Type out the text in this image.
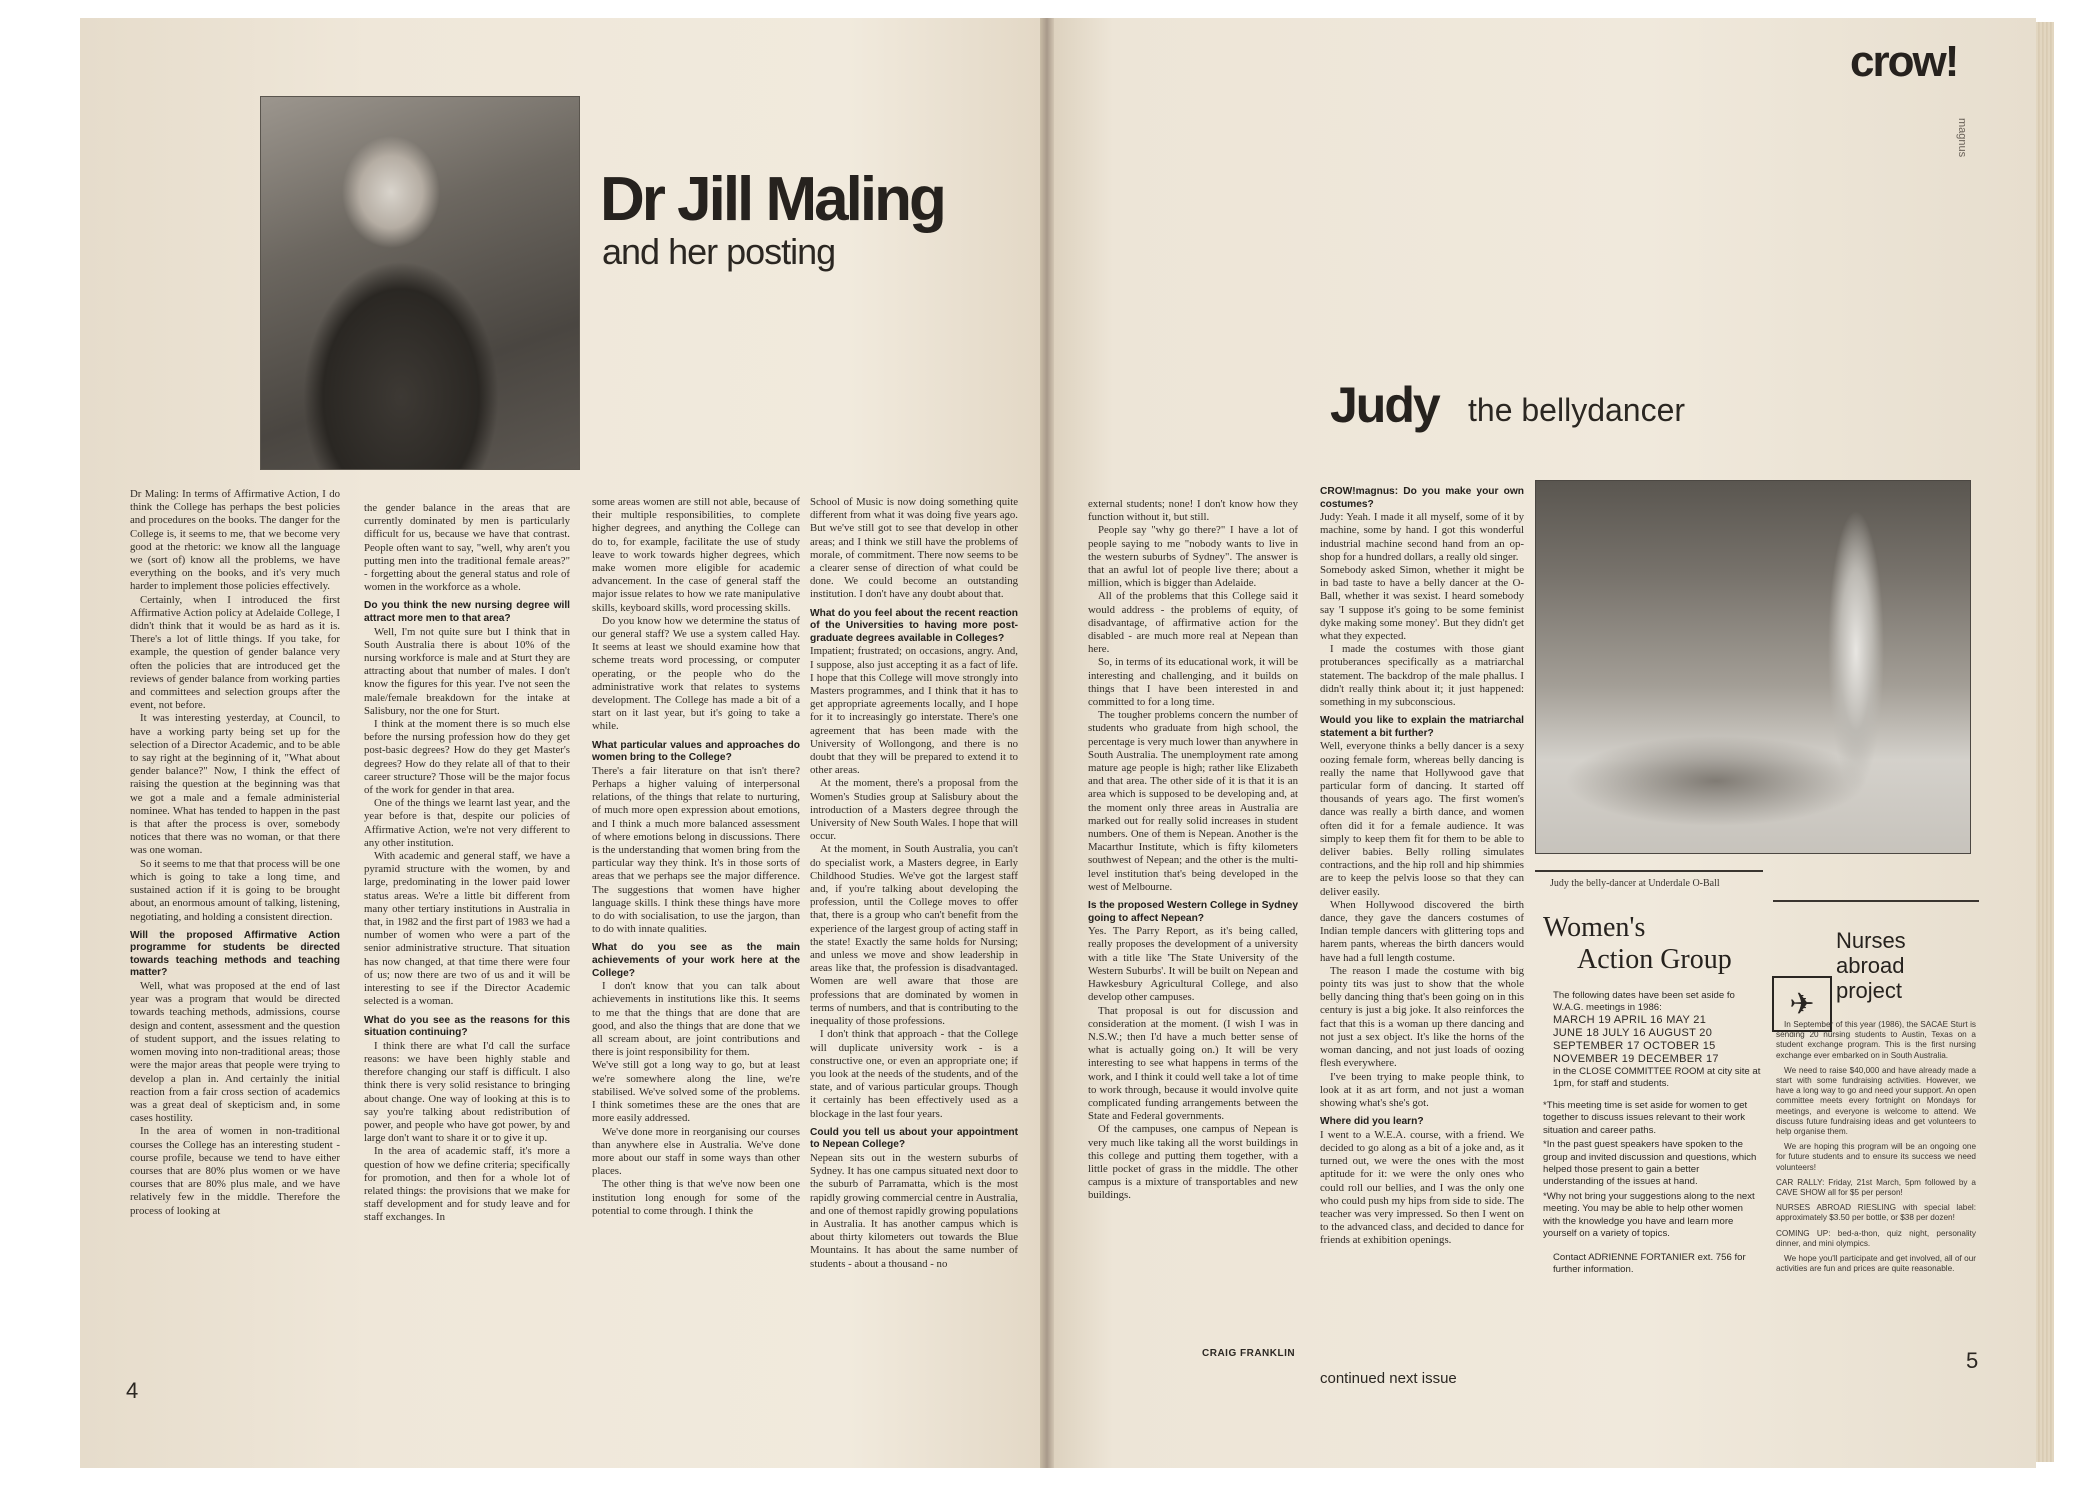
Dr Jill Maling
and her posting

Dr Maling: In terms of Affirmative Action, I do think the College has perhaps the best policies and procedures on the books. The danger for the College is, it seems to me, that we become very good at the rhetoric: we know all the language we (sort of) know all the problems, we have everything on the books, and it's very much harder to implement those policies effectively.

Certainly, when I introduced the first Affirmative Action policy at Adelaide College, I didn't think that it would be as hard as it is. There's a lot of little things. If you take, for example, the question of gender balance very often the policies that are introduced get the reviews of gender balance from working parties and committees and selection groups after the event, not before.

It was interesting yesterday, at Council, to have a working party being set up for the selection of a Director Academic, and to be able to say right at the beginning of it, "What about gender balance?" Now, I think the effect of raising the question at the beginning was that we got a male and a female administerial nominee. What has tended to happen in the past is that after the process is over, somebody notices that there was no woman, or that there was one woman.

So it seems to me that that process will be one which is going to take a long time, and sustained action if it is going to be brought about, an enormous amount of talking, listening, negotiating, and holding a consistent direction.

Will the proposed Affirmative Action programme for students be directed towards teaching methods and teaching matter?

Well, what was proposed at the end of last year was a program that would be directed towards teaching methods, admissions, course design and content, assessment and the question of student support, and the issues relating to women moving into non-traditional areas; those were the major areas that people were trying to develop a plan in. And certainly the initial reaction from a fair cross section of academics was a great deal of skepticism and, in some cases hostility.

In the area of women in non-traditional courses the College has an interesting student - course profile, because we tend to have either courses that are 80% plus women or we have courses that are 80% plus male, and we have relatively few in the middle. Therefore the process of looking at

the gender balance in the areas that are currently dominated by men is particularly difficult for us, because we have that contrast. People often want to say, "well, why aren't you putting men into the traditional female areas?" - forgetting about the general status and role of women in the workforce as a whole.

Do you think the new nursing degree will attract more men to that area?

Well, I'm not quite sure but I think that in South Australia there is about 10% of the nursing workforce is male and at Sturt they are attracting about that number of males. I don't know the figures for this year. I've not seen the male/female breakdown for the intake at Salisbury, nor the one for Sturt.

I think at the moment there is so much else before the nursing profession how do they get post-basic degrees? How do they get Master's degrees? How do they relate all of that to their career structure? Those will be the major focus of the work for gender in that area.

One of the things we learnt last year, and the year before is that, despite our policies of Affirmative Action, we're not very different to any other institution.

With academic and general staff, we have a pyramid structure with the women, by and large, predominating in the lower paid lower status areas. We're a little bit different from many other tertiary institutions in Australia in that, in 1982 and the first part of 1983 we had a number of women who were a part of the senior administrative structure. That situation has now changed, at that time there were four of us; now there are two of us and it will be interesting to see if the Director Academic selected is a woman.

What do you see as the reasons for this situation continuing?

I think there are what I'd call the surface reasons: we have been highly stable and therefore changing our staff is difficult. I also think there is very solid resistance to bringing about change. One way of looking at this is to say you're talking about redistribution of power, and people who have got power, by and large don't want to share it or to give it up.

In the area of academic staff, it's more a question of how we define criteria; specifically for promotion, and then for a whole lot of related things: the provisions that we make for staff development and for study leave and for staff exchanges. In

some areas women are still not able, because of their multiple responsibilities, to complete higher degrees, and anything the College can do to, for example, facilitate the use of study leave to work towards higher degrees, which make women more eligible for academic advancement. In the case of general staff the major issue relates to how we rate manipulative skills, keyboard skills, word processing skills.

Do you know how we determine the status of our general staff? We use a system called Hay. It seems at least we should examine how that scheme treats word processing, or computer operating, or the people who do the administrative work that relates to systems development. The College has made a bit of a start on it last year, but it's going to take a while.

What particular values and approaches do women bring to the College?

There's a fair literature on that isn't there? Perhaps a higher valuing of interpersonal relations, of the things that relate to nurturing, of much more open expression about emotions, and I think a much more balanced assessment of where emotions belong in discussions. There is the understanding that women bring from the particular way they think. It's in those sorts of areas that we perhaps see the major difference. The suggestions that women have higher language skills. I think these things have more to do with socialisation, to use the jargon, than to do with innate qualities.

What do you see as the main achievements of your work here at the College?

I don't know that you can talk about achievements in institutions like this. It seems to me that the things that are done that are good, and also the things that are done that we all scream about, are joint contributions and there is joint responsibility for them.

We've still got a long way to go, but at least we're somewhere along the line, we're stabilised. We've solved some of the problems. I think sometimes these are the ones that are more easily addressed.

We've done more in reorganising our courses than anywhere else in Australia. We've done more about our staff in some ways than other places.

The other thing is that we've now been one institution long enough for some of the potential to come through. I think the

School of Music is now doing something quite different from what it was doing five years ago. But we've still got to see that develop in other areas; and I think we still have the problems of morale, of commitment. There now seems to be a clearer sense of direction of what could be done. We could become an outstanding institution. I don't have any doubt about that.

What do you feel about the recent reaction of the Universities to having more post-graduate degrees available in Colleges?

Impatient; frustrated; on occasions, angry. And, I suppose, also just accepting it as a fact of life. I hope that this College will move strongly into Masters programmes, and I think that it has to get appropriate agreements locally, and I hope for it to increasingly go interstate. There's one agreement that has been made with the University of Wollongong, and there is no doubt that they will be prepared to extend it to other areas.

At the moment, there's a proposal from the Women's Studies group at Salisbury about the introduction of a Masters degree through the University of New South Wales. I hope that will occur.

At the moment, in South Australia, you can't do specialist work, a Masters degree, in Early Childhood Studies. We've got the largest staff and, if you're talking about developing the profession, until the College moves to offer that, there is a group who can't benefit from the experience of the largest group of acting staff in the state! Exactly the same holds for Nursing; and unless we move and show leadership in areas like that, the profession is disadvantaged. Women are well aware that those are professions that are dominated by women in terms of numbers, and that is contributing to the inequality of those professions.

I don't think that approach - that the College will duplicate university work - is a constructive one, or even an appropriate one; if you look at the needs of the students, and of the state, and of various particular groups. Though it certainly has been effectively used as a blockage in the last four years.

Could you tell us about your appointment to Nepean College?

Nepean sits out in the western suburbs of Sydney. It has one campus situated next door to the suburb of Parramatta, which is the most rapidly growing commercial centre in Australia, and one of themost rapidly growing populations in Australia. It has another campus which is about thirty kilometers out towards the Blue Mountains. It has about the same number of students - about a thousand - no

4
crow!
magnus
Judy the bellydancer

external students; none! I don't know how they function without it, but still.

People say "why go there?" I have a lot of people saying to me "nobody wants to live in the western suburbs of Sydney". The answer is that an awful lot of people live there; about a million, which is bigger than Adelaide.

All of the problems that this College said it would address - the problems of equity, of disadvantage, of affirmative action for the disabled - are much more real at Nepean than here.

So, in terms of its educational work, it will be interesting and challenging, and it builds on things that I have been interested in and committed to for a long time.

The tougher problems concern the number of students who graduate from high school, the percentage is very much lower than anywhere in South Australia. The unemployment rate among mature age people is high; rather like Elizabeth and that area. The other side of it is that it is an area which is supposed to be developing and, at the moment only three areas in Australia are marked out for really solid increases in student numbers. One of them is Nepean. Another is the Macarthur Institute, which is fifty kilometers southwest of Nepean; and the other is the multi-level institution that's being developed in the west of Melbourne.

Is the proposed Western College in Sydney going to affect Nepean?

Yes. The Parry Report, as it's being called, really proposes the development of a university with a title like 'The State University of the Western Suburbs'. It will be built on Nepean and Hawkesbury Agricultural College, and also develop other campuses.

That proposal is out for discussion and consideration at the moment. (I wish I was in N.S.W.; then I'd have a much better sense of what is actually going on.) It will be very interesting to see what happens in terms of the work, and I think it could well take a lot of time to work through, because it would involve quite complicated funding arrangements between the State and Federal governments.

Of the campuses, one campus of Nepean is very much like taking all the worst buildings in this college and putting them together, with a little pocket of grass in the middle. The other campus is a mixture of transportables and new buildings.

CRAIG FRANKLIN
continued next issue

CROW!magnus: Do you make your own costumes?

Judy: Yeah. I made it all myself, some of it by machine, some by hand. I got this wonderful industrial machine second hand from an op-shop for a hundred dollars, a really old singer.

Somebody asked Simon, whether it might be in bad taste to have a belly dancer at the O-Ball, whether it was sexist. I heard somebody say 'I suppose it's going to be some feminist dyke making some money'. But they didn't get what they expected.

I made the costumes with those giant protuberances specifically as a matriarchal statement. The backdrop of the male phallus. I didn't really think about it; it just happened: something in my subconscious.

Would you like to explain the matriarchal statement a bit further?

Well, everyone thinks a belly dancer is a sexy oozing female form, whereas belly dancing is really the name that Hollywood gave that particular form of dancing. It started off thousands of years ago. The first women's dance was really a birth dance, and women often did it for a female audience. It was simply to keep them fit for them to be able to deliver babies. Belly rolling simulates contractions, and the hip roll and hip shimmies are to keep the pelvis loose so that they can deliver easily.

When Hollywood discovered the birth dance, they gave the dancers costumes of Indian temple dancers with glittering tops and harem pants, whereas the birth dancers would have had a full length costume.

The reason I made the costume with big pointy tits was just to show that the whole belly dancing thing that's been going on in this century is just a big joke. It also reinforces the fact that this is a woman up there dancing and not just a sex object. It's like the horns of the woman dancing, and not just loads of oozing flesh everywhere.

I've been trying to make people think, to look at it as art form, and not just a woman showing what's she's got.

Where did you learn?

I went to a W.E.A. course, with a friend. We decided to go along as a bit of a joke and, as it turned out, we were the ones with the most aptitude for it: we were the only ones who could roll our bellies, and I was the only one who could push my hips from side to side. The teacher was very impressed. So then I went on to the advanced class, and decided to dance for friends at exhibition openings.

Judy the belly-dancer at Underdale O-Ball
Women's
Action Group
The following dates have been set aside fo W.A.G. meetings in 1986:
MARCH 19 APRIL 16 MAY 21
JUNE 18 JULY 16 AUGUST 20
SEPTEMBER 17 OCTOBER 15
NOVEMBER 19 DECEMBER 17
in the CLOSE COMMITTEE ROOM at city site at 1pm, for staff and students.
*This meeting time is set aside for women to get together to discuss issues relevant to their work situation and career paths.
*In the past guest speakers have spoken to the group and invited discussion and questions, which helped those present to gain a better understanding of the issues at hand.
*Why not bring your suggestions along to the next meeting. You may be able to help other women with the knowledge you have and learn more yourself on a variety of topics.
Contact ADRIENNE FORTANIER ext. 756 for further information.
✈
Nurses
abroad
project
In September of this year (1986), the SACAE Sturt is sending 20 nursing students to Austin, Texas on a student exchange program. This is the first nursing exchange ever embarked on in South Australia.
We need to raise $40,000 and have already made a start with some fundraising activities. However, we have a long way to go and need your support. An open committee meets every fortnight on Mondays for meetings, and everyone is welcome to attend. We discuss future fundraising ideas and get volunteers to help organise them.
We are hoping this program will be an ongoing one for future students and to ensure its success we need volunteers!
CAR RALLY: Friday, 21st March, 5pm followed by a CAVE SHOW all for $5 per person!
NURSES ABROAD RIESLING with special label: approximately $3.50 per bottle, or $38 per dozen!
COMING UP: bed-a-thon, quiz night, personality dinner, and mini olympics.
We hope you'll participate and get involved, all of our activities are fun and prices are quite reasonable.
5
